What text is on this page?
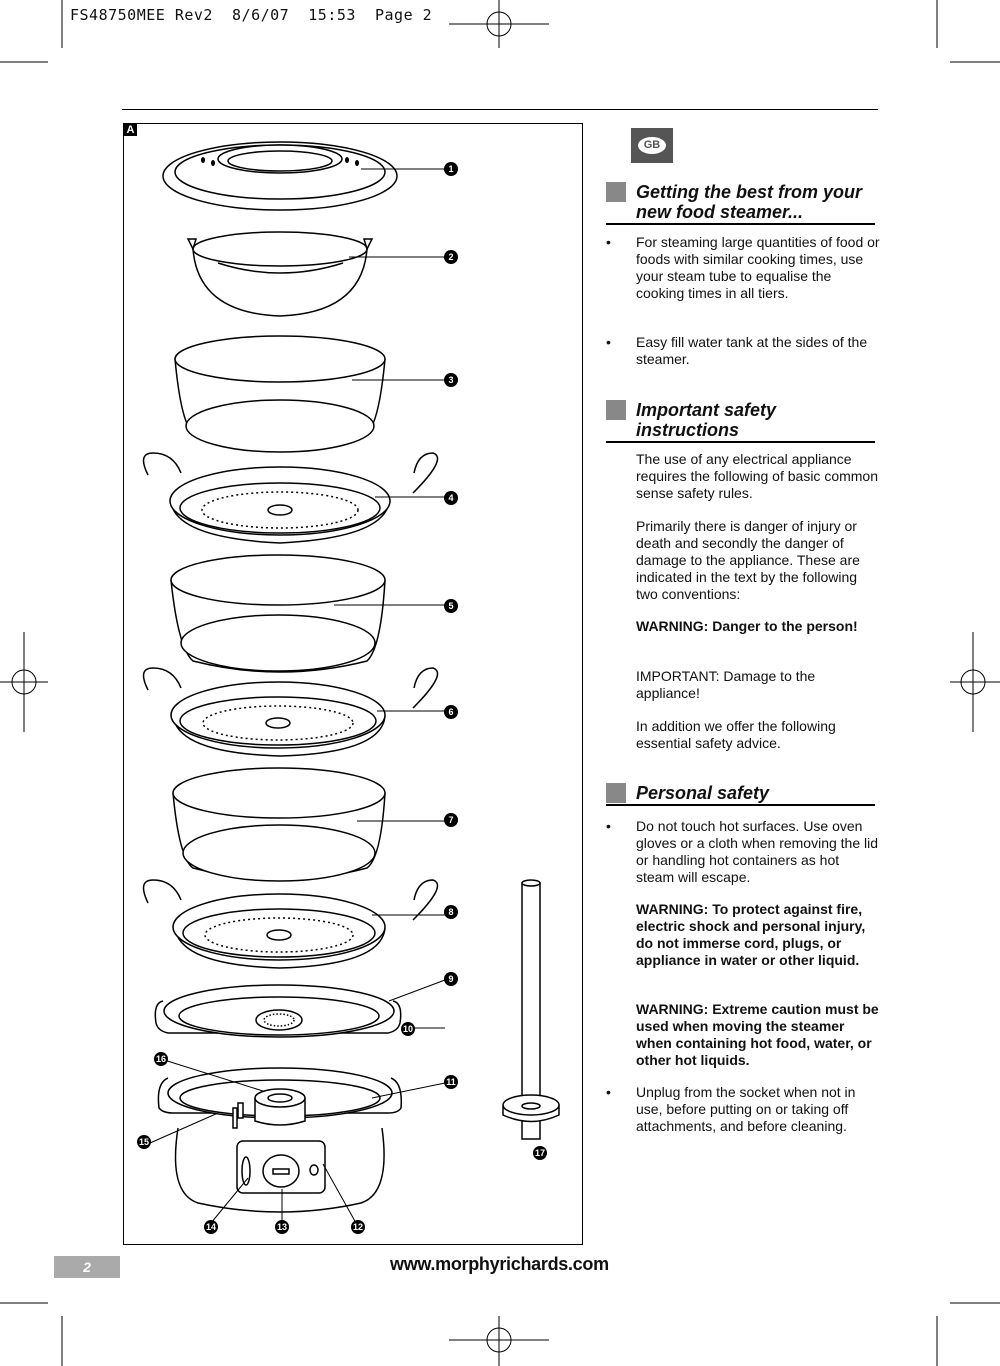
FS48750MEE Rev2  8/6/07  15:53  Page 2
A
1
2
3
4
5
6
7
8
9
10
11
12
13
14
15
16
17
GB
Getting the best from your
new food steamer...
• For steaming large quantities of food or foods with similar cooking times, use your steam tube to equalise the cooking times in all tiers.
• Easy fill water tank at the sides of the steamer.
Important safety
instructions
The use of any electrical appliance requires the following of basic common sense safety rules.
Primarily there is danger of injury or death and secondly the danger of damage to the appliance. These are indicated in the text by the following two conventions:
WARNING: Danger to the person!
IMPORTANT: Damage to the appliance!
In addition we offer the following essential safety advice.
Personal safety
• Do not touch hot surfaces. Use oven gloves or a cloth when removing the lid or handling hot containers as hot steam will escape.
WARNING: To protect against fire, electric shock and personal injury, do not immerse cord, plugs, or appliance in water or other liquid.
WARNING: Extreme caution must be used when moving the steamer when containing hot food, water, or other hot liquids.
• Unplug from the socket when not in use, before putting on or taking off attachments, and before cleaning.
2	www.morphyrichards.com
